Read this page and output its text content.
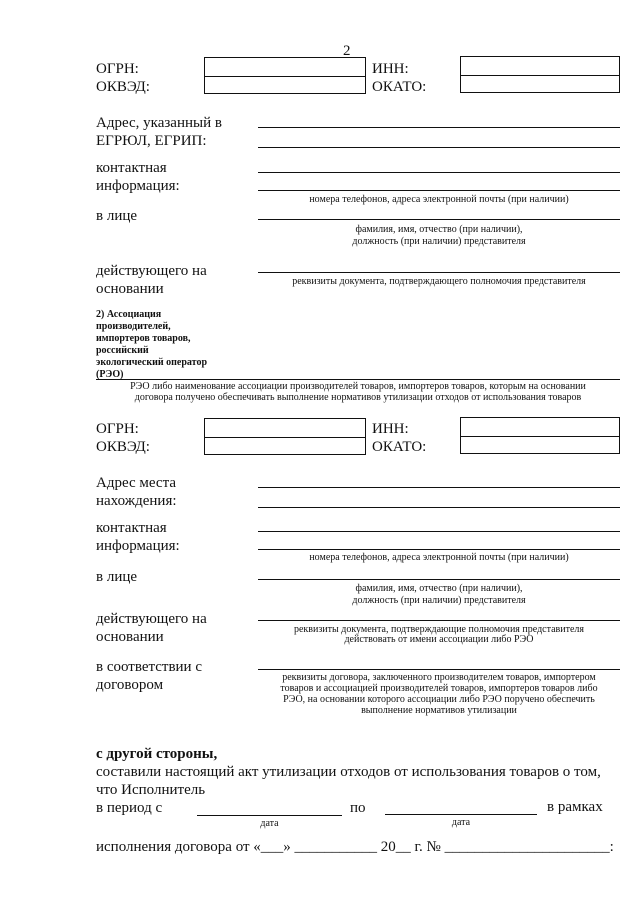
2
ОГРН:
ОКВЭД:
ИНН:
ОКАТО:
Адрес, указанный в
ЕГРЮЛ, ЕГРИП:
контактная
информация:
номера телефонов, адреса электронной почты (при наличии)
в лице
фамилия, имя, отчество (при наличии),
должность (при наличии) представителя
действующего на
основании	реквизиты документа, подтверждающего полномочия представителя
2) Ассоциация производителей, импортеров товаров, российский экологический оператор (РЭО)
РЭО либо наименование ассоциации производителей товаров, импортеров товаров, которым на основании
договора получено обеспечивать выполнение нормативов утилизации отходов от использования товаров
ОГРН:
ОКВЭД:
ИНН:
ОКАТО:
Адрес места
нахождения:
контактная
информация:
номера телефонов, адреса электронной почты (при наличии)
в лице
фамилия, имя, отчество (при наличии),
должность (при наличии) представителя
действующего на
основании	реквизиты документа, подтверждающие полномочия представителя
действовать от имени ассоциации либо РЭО
в соответствии с
договором	реквизиты договора, заключенного производителем товаров, импортером
товаров и ассоциацией производителей товаров, импортеров товаров либо
РЭО, на основании которого ассоциации либо РЭО поручено обеспечить
выполнение нормативов утилизации
с другой стороны,
составили настоящий акт утилизации отходов от использования товаров о том,
что Исполнитель
в период с
дата
по
дата
в рамках
исполнения договора от «___» ___________ 20__ г. № ______________________:
